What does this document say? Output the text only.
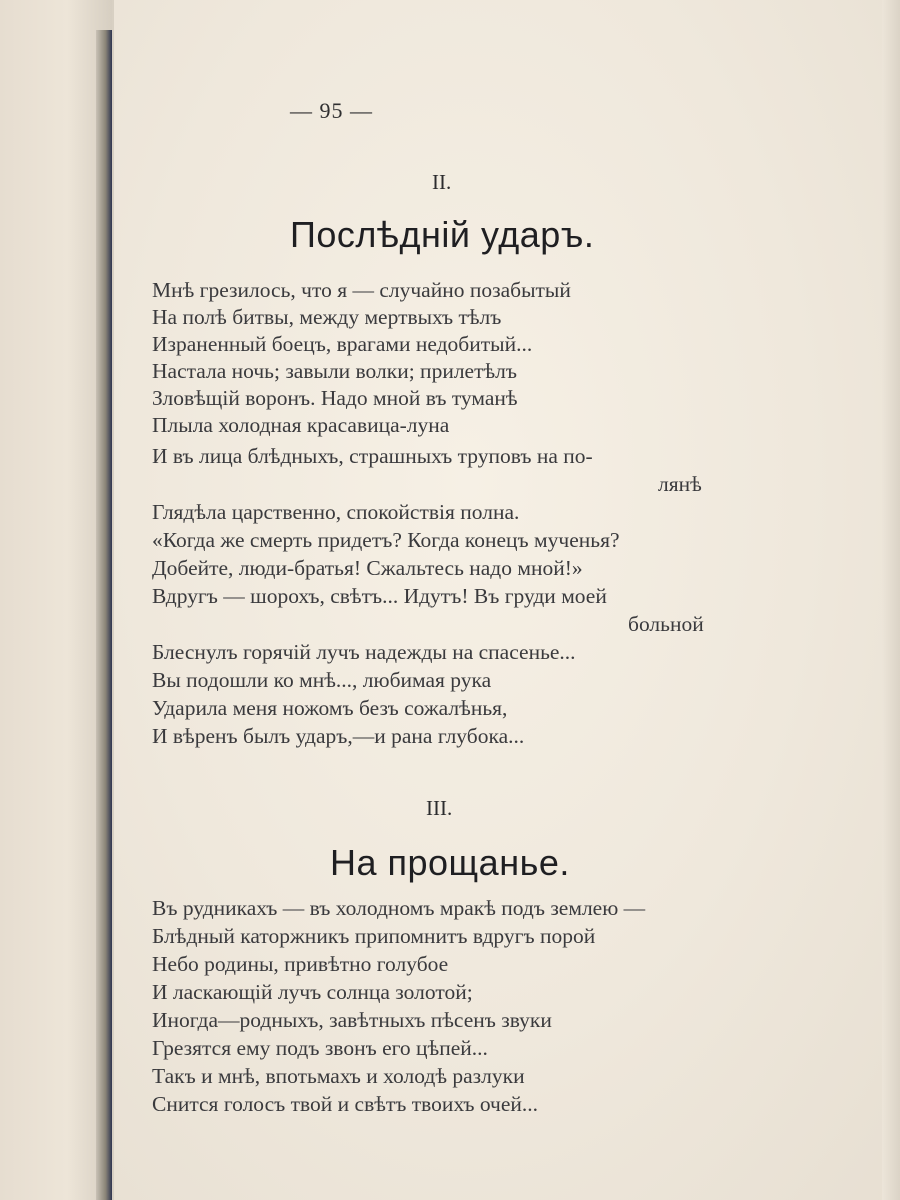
— 95 —
II.
Послѣдній ударъ.
Мнѣ грезилось, что я — случайно позабытый
На полѣ битвы, между мертвыхъ тѣлъ
Израненный боецъ, врагами недобитый...
Настала ночь; завыли волки; прилетѣлъ
Зловѣщій воронъ. Надо мной въ туманѣ
Плыла холодная красавица-луна
И въ лица блѣдныхъ, страшныхъ труповъ на по-
лянѣ
Глядѣла царственно, спокойствія полна.
«Когда же смерть придетъ? Когда конецъ мученья?
Добейте, люди-братья! Сжальтесь надо мной!»
Вдругъ — шорохъ, свѣтъ... Идутъ! Въ груди моей
больной
Блеснулъ горячій лучъ надежды на спасенье...
Вы подошли ко мнѣ..., любимая рука
Ударила меня ножомъ безъ сожалѣнья,
И вѣренъ былъ ударъ,—и рана глубока...
III.
На прощанье.
Въ рудникахъ — въ холодномъ мракѣ подъ землею —
Блѣдный каторжникъ припомнитъ вдругъ порой
Небо родины, привѣтно голубое
И ласкающій лучъ солнца золотой;
Иногда—родныхъ, завѣтныхъ пѣсенъ звуки
Грезятся ему подъ звонъ его цѣпей...
Такъ и мнѣ, впотьмахъ и холодѣ разлуки
Снится голосъ твой и свѣтъ твоихъ очей...
